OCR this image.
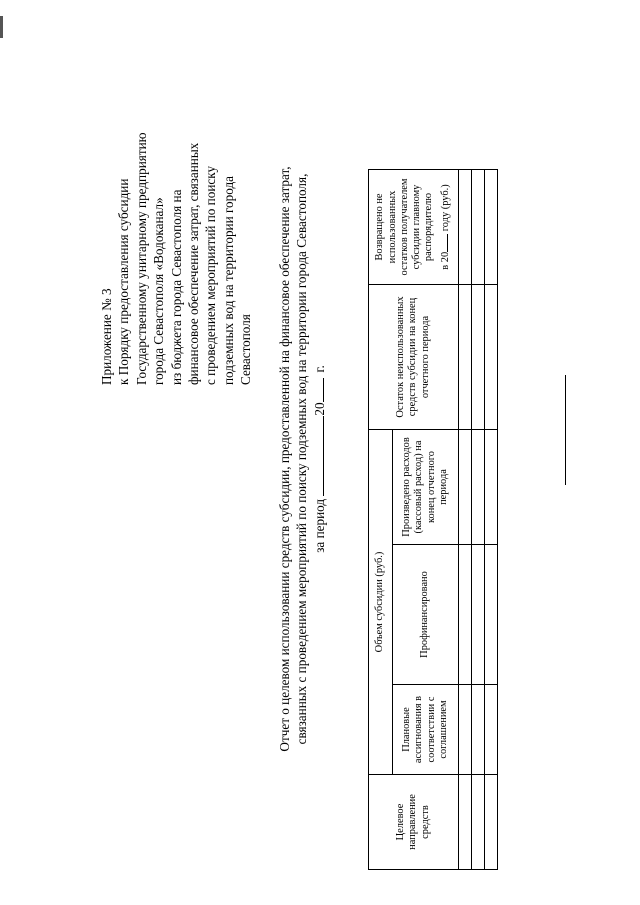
Приложение № 3 к Порядку предоставления субсидии Государственному унитарному предприятию города Севастополя «Водоканал» из бюджета города Севастополя на финансовое обеспечение затрат, связанных с проведением мероприятий по поиску подземных вод на территории города Севастополя Отчет о целевом использовании средств субсидии, предоставленной на финансовое обеспечение затрат, связанных с проведением мероприятий по поиску подземных вод на территории города Севастополя, за период 20г.
Целевое направление средств	Объем субсидии (руб.)			Остаток неиспользованных средств субсидии на конец отчетного периода	Возвращено не использованных остатков получателем субсидии главному распорядителю в 20 году (руб.)
	Плановые ассигнования в соответствии с соглашением	Профинансировано	Произведено расходов (кассовый расход) на конец отчетного периода		
